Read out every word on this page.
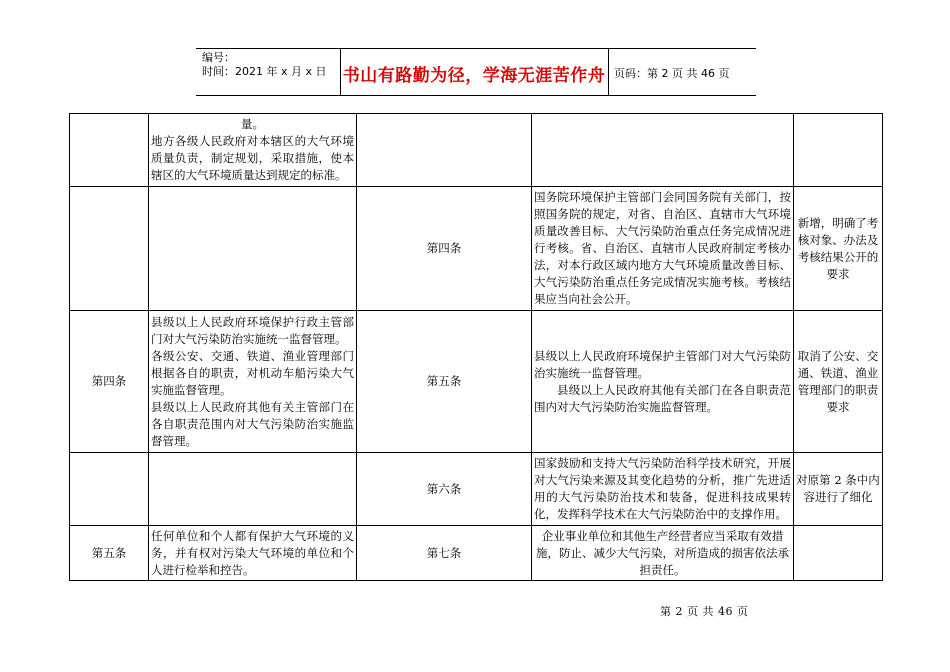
编号：
时间：2021 年 x 月 x 日 书山有路勤为径，学海无涯苦作舟 页码：第 2 页 共 46 页

	量。
地方各级人民政府对本辖区的大气环境质量负责，制定规划，采取措施，使本辖区的大气环境质量达到规定的标准。			

		第四条	国务院环境保护主管部门会同国务院有关部门，按照国务院的规定，对省、自治区、直辖市大气环境质量改善目标、大气污染防治重点任务完成情况进行考核。省、自治区、直辖市人民政府制定考核办法，对本行政区域内地方大气环境质量改善目标、大气污染防治重点任务完成情况实施考核。考核结果应当向社会公开。	新增，明确了考核对象、办法及考核结果公开的要求
第四条	县级以上人民政府环境保护行政主管部门对大气污染防治实施统一监督管理。
各级公安、交通、铁道、渔业管理部门根据各自的职责，对机动车船污染大气实施监督管理。
县级以上人民政府其他有关主管部门在各自职责范围内对大气污染防治实施监督管理。	第五条	县级以上人民政府环境保护主管部门对大气污染防治实施统一监督管理。
县级以上人民政府其他有关部门在各自职责范围内对大气污染防治实施监督管理。	取消了公安、交通、铁道、渔业管理部门的职责要求
		第六条	国家鼓励和支持大气污染防治科学技术研究，开展对大气污染来源及其变化趋势的分析，推广先进适用的大气污染防治技术和装备，促进科技成果转化，发挥科学技术在大气污染防治中的支撑作用。	对原第 2 条中内容进行了细化
第五条	任何单位和个人都有保护大气环境的义务，并有权对污染大气环境的单位和个人进行检举和控告。	第七条	企业事业单位和其他生产经营者应当采取有效措施，防止、减少大气污染，对所造成的损害依法承担责任。	

第 2 页 共 46 页
